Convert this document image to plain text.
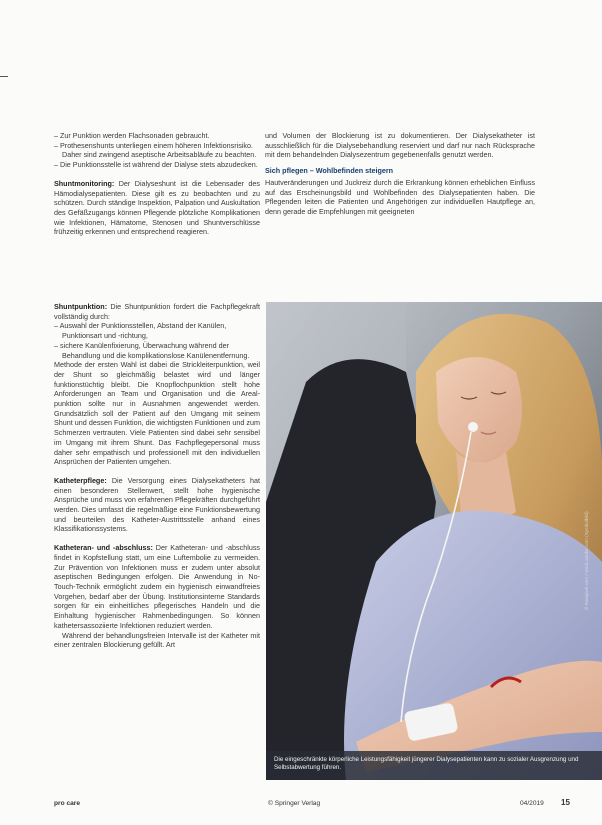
– Zur Punktion werden Flachsonaden gebraucht.
– Prothesenshunts unterliegen einem höheren Infektionsrisiko. Daher sind zwingend aseptische Arbeitsabläufe zu beachten.
– Die Punktionsstelle ist während der Dialyse stets abzudecken.

Shuntmonitoring: Der Dialyseshunt ist die Lebensader des Hämodialysepatienten. Diese gilt es zu beobachten und zu schützen. Durch ständige Inspektion, Palpation und Auskultation des Gefäßzugangs können Pflegende plötzliche Komplikationen wie Infektionen, Hämatome, Stenosen und Shuntverschlüsse frühzeitig erkennen und entsprechend reagieren.

und Volumen der Blockierung ist zu dokumentieren. Der Dialysekatheter ist ausschließlich für die Dialysebehandlung reserviert und darf nur nach Rücksprache mit dem behandelnden Dialysezentrum gegebenenfalls genutzt werden.

Sich pflegen – Wohlbefinden steigern

Hautveränderungen und Juckreiz durch die Erkrankung können erheblichen Einfluss auf das Erscheinungsbild und Wohlbefinden des Dialysepatienten haben. Die Pflegenden leiten die Patienten und Angehörigen zur individuellen Hautpflege an, denn gerade die Empfehlungen mit geeigneten

Shuntpunktion: Die Shuntpunktion fordert die Fachpflegekraft vollständig durch:

– Auswahl der Punktionsstellen, Abstand der Kanülen, Punktionsart und -richtung,
– sichere Kanülenfixierung, Überwachung während der Behandlung und die komplikationslose Kanülenentfernung.

Methode der ersten Wahl ist dabei die Strickleiterpunktion, weil der Shunt so gleichmäßig belastet wird und länger funktionstüchtig bleibt. Die Knopflochpunktion stellt hohe Anforderungen an Team und Organisation und die Areal-punktion sollte nur in Ausnahmen angewendet werden. Grundsätzlich soll der Patient auf den Umgang mit seinem Shunt und dessen Funktion, die wichtigsten Funktionen und zum Schmerzen vertrauten. Viele Patienten sind dabei sehr sensibel im Umgang mit ihrem Shunt. Das Fachpflegepersonal muss daher sehr empathisch und professionell mit den individuellen Ansprüchen der Patienten umgehen.

Katheterpflege: Die Versorgung eines Dialysekatheters hat einen besonderen Stellenwert, stellt hohe hygienische Ansprüche und muss von erfahrenen Pflegekräften durchgeführt werden. Dies umfasst die regelmäßige eine Funktionsbewertung und beurteilen des Katheter-Austrittsstelle anhand eines Klassifikationssystems.

Katheteran- und -abschluss: Der Katheteran- und -abschluss findet in Kopfstellung statt, um eine Luftembolie zu vermeiden. Zur Prävention von Infektionen muss er zudem unter absolut aseptischen Bedingungen erfolgen. Die Anwendung in No-Touch-Technik ermöglicht zudem ein hygienisch einwandfreies Vorgehen, bedarf aber der Übung. Institutionsinterne Standards sorgen für ein einheitliches pflegerisches Handeln und die Einhaltung hygienischer Rahmenbedingungen. So können kathetersassoziierte Infektionen reduziert werden.

Während der behandlungsfreien Intervalle ist der Katheter mit einer zentralen Blockierung gefüllt. Art

© Rawpixel.com / stock.adobe.com (Symbolbild)
Die eingeschränkte körperliche Leistungsfähigkeit jüngerer Dialysepatienten kann zu sozialer Ausgrenzung und Selbstabwertung führen.
pro care	© Springer Verlag	04/2019 15
